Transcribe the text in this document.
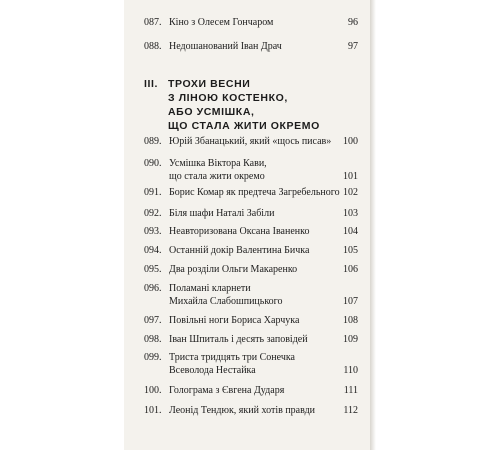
087. Кіно з Олесем Гончаром	96
088. Недошанований Іван Драч	97
III. ТРОХИ ВЕСНИ
З ЛІНОЮ КОСТЕНКО,
АБО УСМІШКА,
ЩО СТАЛА ЖИТИ ОКРЕМО
089. Юрій Збанацький, який «щось писав» 100
090. Усмішка Віктора Кави,
що стала жити окремо	101
091. Борис Комар як предтеча Загребельного 102
092. Біля шафи Наталі Забіли	103
093. Неавторизована Оксана Іваненко	104
094. Останній докір Валентина Бичка	105
095. Два розділи Ольги Макаренко	106
096. Поламані кларнети
Михайла Слабошпицького	107
097. Повільні ноги Бориса Харчука	108
098. Іван Шпиталь і десять заповідей	109
099. Триста тридцять три Сонечка
Всеволода Нестайка	110
100. Голограма з Євгена Дударя	111
101. Леонід Тендюк, який хотів правди	112
